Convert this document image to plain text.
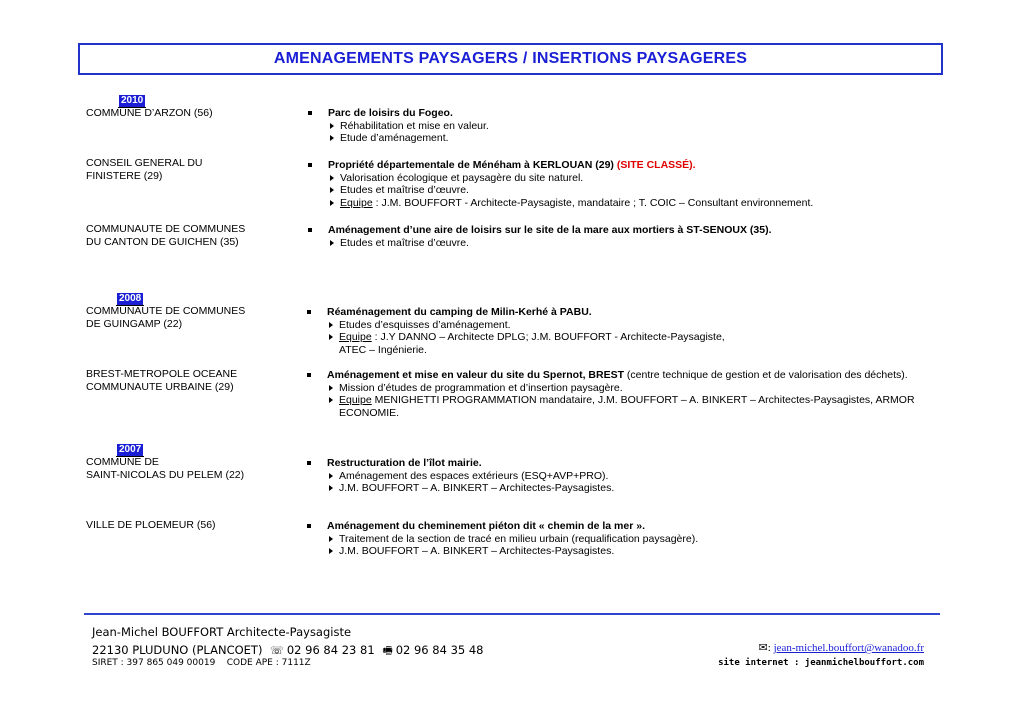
AMENAGEMENTS PAYSAGERS / INSERTIONS PAYSAGERES
2010
2008
2007
COMMUNE D’ARZON (56)	Parc de loisirs du Fogeo.
Réhabilitation et mise en valeur.
Etude d’aménagement.
CONSEIL GENERAL DU
FINISTERE (29)
Propriété départementale de Ménéham à KERLOUAN (29) (SITE CLASSÉ).
Valorisation écologique et paysagère du site naturel.
Etudes et maîtrise d’œuvre.
Equipe : J.M. BOUFFORT - Architecte-Paysagiste, mandataire ; T. COIC – Consultant environnement.
COMMUNAUTE DE COMMUNES
DU CANTON DE GUICHEN (35)
Aménagement d’une aire de loisirs sur le site de la mare aux mortiers à ST-SENOUX (35).
Etudes et maîtrise d’œuvre.
COMMUNAUTE DE COMMUNES
DE GUINGAMP (22)
Réaménagement du camping de Milin-Kerhé à PABU.
Etudes d’esquisses d’aménagement.
Equipe : J.Y DANNO – Architecte DPLG; J.M. BOUFFORT - Architecte-Paysagiste,
ATEC – Ingénierie.
BREST-METROPOLE OCEANE
COMMUNAUTE URBAINE (29)
Aménagement et mise en valeur du site du Spernot, BREST (centre technique de gestion et de valorisation des déchets).
Mission d’études de programmation et d’insertion paysagère.
Equipe MENIGHETTI PROGRAMMATION mandataire, J.M. BOUFFORT – A. BINKERT – Architectes-Paysagistes, ARMOR
ECONOMIE.
COMMUNE DE
SAINT-NICOLAS DU PELEM (22)
Restructuration de l’îlot mairie.
Aménagement des espaces extérieurs (ESQ+AVP+PRO).
J.M. BOUFFORT – A. BINKERT – Architectes-Paysagistes.
VILLE DE PLOEMEUR (56)	Aménagement du cheminement piéton dit « chemin de la mer ».
Traitement de la section de tracé en milieu urbain (requalification paysagère).
J.M. BOUFFORT – A. BINKERT – Architectes-Paysagistes.
Jean-Michel BOUFFORT Architecte-Paysagiste
22130 PLUDUNO (PLANCOET) ☏ 02 96 84 23 81 🖷 02 96 84 35 48
SIRET : 397 865 049 00019    CODE APE : 7111Z
✉: jean-michel.bouffort@wanadoo.fr
site internet : jeanmichelbouffort.com
